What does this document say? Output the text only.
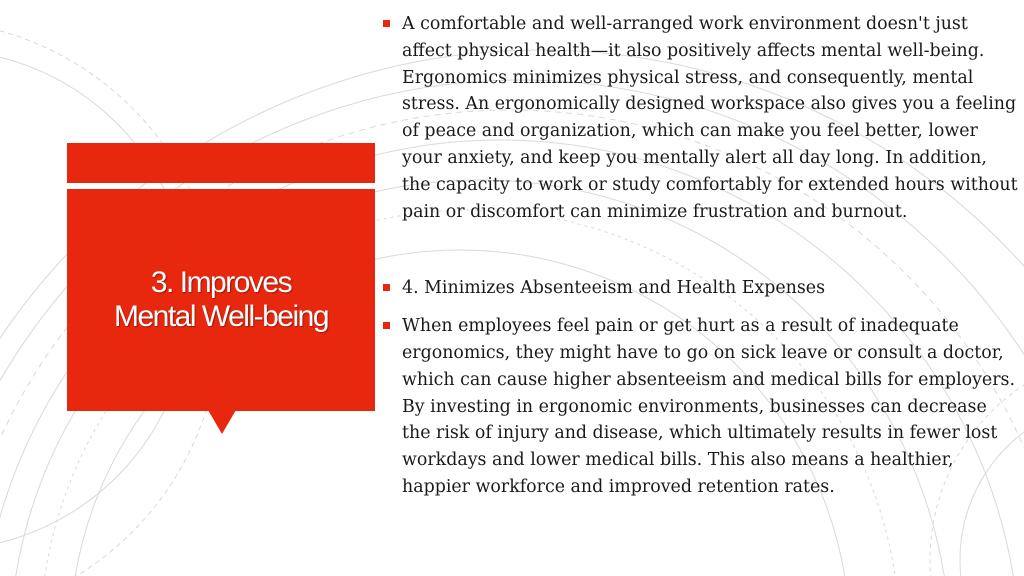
3. Improves
Mental Well-being
A comfortable and well-arranged work environment doesn't just affect physical health—it also positively affects mental well-being. Ergonomics minimizes physical stress, and consequently, mental stress. An ergonomically designed workspace also gives you a feeling of peace and organization, which can make you feel better, lower your anxiety, and keep you mentally alert all day long. In addition, the capacity to work or study comfortably for extended hours without pain or discomfort can minimize frustration and burnout.
4. Minimizes Absenteeism and Health Expenses
When employees feel pain or get hurt as a result of inadequate ergonomics, they might have to go on sick leave or consult a doctor, which can cause higher absenteeism and medical bills for employers. By investing in ergonomic environments, businesses can decrease the risk of injury and disease, which ultimately results in fewer lost workdays and lower medical bills. This also means a healthier, happier workforce and improved retention rates.
